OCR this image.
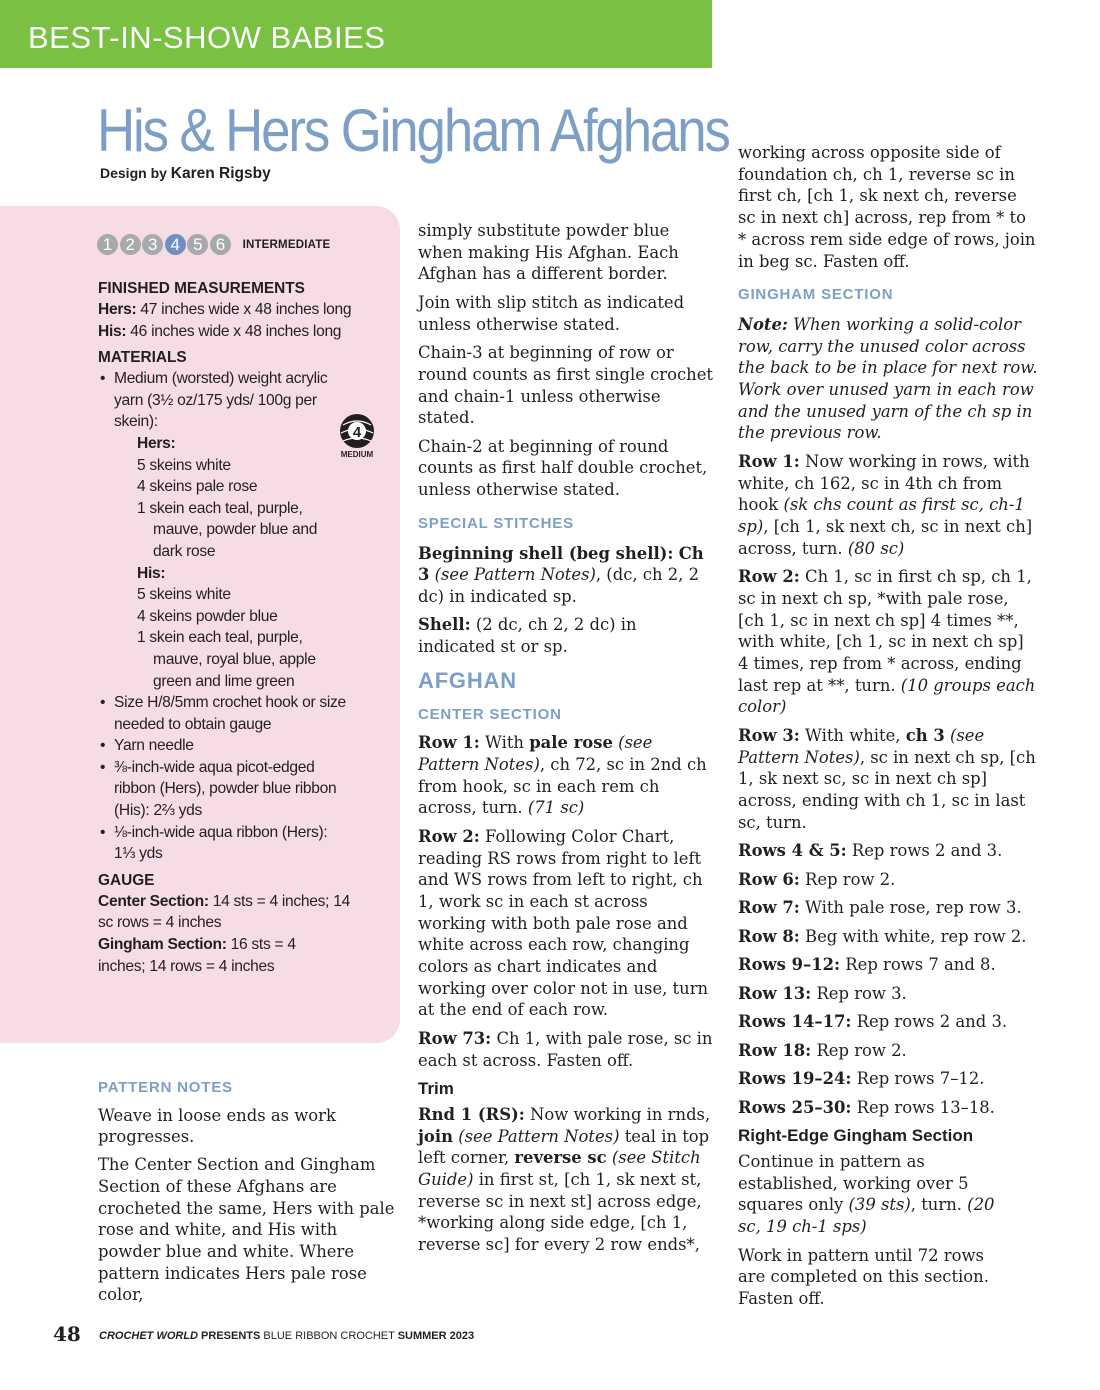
BEST-IN-SHOW BABIES
His & Hers Gingham Afghans
Design by Karen Rigsby
1 2 3 4 5 6	INTERMEDIATE
4
MEDIUM
FINISHED MEASUREMENTS
Hers: 47 inches wide x 48 inches long
His: 46 inches wide x 48 inches long
MATERIALS
• Medium (worsted) weight acrylic yarn (3½ oz/175 yds/ 100g per skein):
Hers:
5 skeins white
4 skeins pale rose
1 skein each teal, purple, mauve, powder blue and dark rose
His:
5 skeins white
4 skeins powder blue
1 skein each teal, purple, mauve, royal blue, apple green and lime green
• Size H/8/5mm crochet hook or size needed to obtain gauge
• Yarn needle
• ⅜-inch-wide aqua picot-edged ribbon (Hers), powder blue ribbon (His): 2⅔ yds
• ⅛-inch-wide aqua ribbon (Hers): 1⅓ yds
GAUGE
Center Section: 14 sts = 4 inches; 14 sc rows = 4 inches
Gingham Section: 16 sts = 4 inches; 14 rows = 4 inches
PATTERN NOTES
Weave in loose ends as work progresses.
The Center Section and Gingham Section of these Afghans are crocheted the same, Hers with pale rose and white, and His with powder blue and white. Where pattern indicates Hers pale rose color,
simply substitute powder blue when making His Afghan. Each Afghan has a different border.
Join with slip stitch as indicated unless otherwise stated.
Chain-3 at beginning of row or round counts as first single crochet and chain-1 unless otherwise stated.
Chain-2 at beginning of round counts as first half double crochet, unless otherwise stated.
SPECIAL STITCHES
Beginning shell (beg shell): Ch 3 (see Pattern Notes), (dc, ch 2, 2 dc) in indicated sp.
Shell: (2 dc, ch 2, 2 dc) in indicated st or sp.
AFGHAN
CENTER SECTION
Row 1: With pale rose (see Pattern Notes), ch 72, sc in 2nd ch from hook, sc in each rem ch across, turn. (71 sc)
Row 2: Following Color Chart, reading RS rows from right to left and WS rows from left to right, ch 1, work sc in each st across working with both pale rose and white across each row, changing colors as chart indicates and working over color not in use, turn at the end of each row.
Row 73: Ch 1, with pale rose, sc in each st across. Fasten off.
Trim
Rnd 1 (RS): Now working in rnds, join (see Pattern Notes) teal in top left corner, reverse sc (see Stitch Guide) in first st, [ch 1, sk next st, reverse sc in next st] across edge, *working along side edge, [ch 1, reverse sc] for every 2 row ends*,
working across opposite side of foundation ch, ch 1, reverse sc in first ch, [ch 1, sk next ch, reverse sc in next ch] across, rep from * to * across rem side edge of rows, join in beg sc. Fasten off.
GINGHAM SECTION
Note: When working a solid-color row, carry the unused color across the back to be in place for next row. Work over unused yarn in each row and the unused yarn of the ch sp in the previous row.
Row 1: Now working in rows, with white, ch 162, sc in 4th ch from hook (sk chs count as first sc, ch-1 sp), [ch 1, sk next ch, sc in next ch] across, turn. (80 sc)
Row 2: Ch 1, sc in first ch sp, ch 1, sc in next ch sp, *with pale rose, [ch 1, sc in next ch sp] 4 times **, with white, [ch 1, sc in next ch sp] 4 times, rep from * across, ending last rep at **, turn. (10 groups each color)
Row 3: With white, ch 3 (see Pattern Notes), sc in next ch sp, [ch 1, sk next sc, sc in next ch sp] across, ending with ch 1, sc in last sc, turn.
Rows 4 & 5: Rep rows 2 and 3.
Row 6: Rep row 2.
Row 7: With pale rose, rep row 3.
Row 8: Beg with white, rep row 2.
Rows 9–12: Rep rows 7 and 8.
Row 13: Rep row 3.
Rows 14–17: Rep rows 2 and 3.
Row 18: Rep row 2.
Rows 19–24: Rep rows 7–12.
Rows 25–30: Rep rows 13–18.
Right-Edge Gingham Section
Continue in pattern as established, working over 5 squares only (39 sts), turn. (20 sc, 19 ch-1 sps)
Work in pattern until 72 rows are completed on this section. Fasten off.
48 CROCHET WORLD PRESENTS BLUE RIBBON CROCHET SUMMER 2023
